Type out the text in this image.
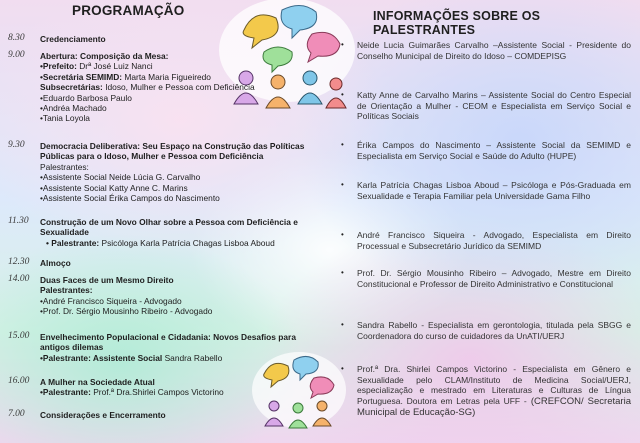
PROGRAMAÇÃO	INFORMAÇÕES SOBRE OS PALESTRANTES
8.30	Credenciamento
9.00	Abertura: Composição da Mesa:
•Prefeito: Drª José Luiz Nanci
•Secretária SEMIMD: Marta Maria Figueiredo
Subsecretárias: Idoso, Mulher e Pessoa com Deficiência
•Eduardo Barbosa Paulo
•Andréa Machado
•Tania Loyola
9.30	Democracia Deliberativa: Seu Espaço na Construção das Políticas
Públicas para o Idoso, Mulher e Pessoa com Deficiência
Palestrantes:
•Assistente Social Neide Lúcia G. Carvalho
•Assistente Social Katty Anne C. Marins
•Assistente Social Érika Campos do Nascimento
11.30	Construção de um Novo Olhar sobre a Pessoa com Deficiência e
Sexualidade
• Palestrante: Psicóloga Karla Patrícia Chagas Lisboa Aboud
12.30	Almoço
14.00	Duas Faces de um Mesmo Direito
Palestrantes:
•André Francisco Siqueira - Advogado
•Prof. Dr. Sérgio Mousinho Ribeiro - Advogado
15.00	Envelhecimento Populacional e Cidadania: Novos Desafios para
antigos dilemas
•Palestrante: Assistente Social Sandra Rabello
16.00	A Mulher na Sociedade Atual
•Palestrante: Prof.ª Dra.Shirlei Campos Victorino
7.00	Considerações e Encerramento
• Neide Lucia Guimarães Carvalho –Assistente Social - Presidente do Conselho Municipal de Direito do Idoso – COMDEPISG
• Katty Anne de Carvalho Marins – Assistente Social do Centro Especial de Orientação a Mulher - CEOM e Especialista em Serviço Social e Políticas Sociais
• Érika Campos do Nascimento – Assistente Social da SEMIMD e Especialista em Serviço Social e Saúde do Adulto (HUPE)
• Karla Patrícia Chagas Lisboa Aboud – Psicóloga e Pós-Graduada em Sexualidade e Terapia Familiar pela Universidade Gama Filho
• André Francisco Siqueira - Advogado, Especialista em Direito Processual e Subsecretário Jurídico da SEMIMD
• Prof. Dr. Sérgio Mousinho Ribeiro – Advogado, Mestre em Direito Constitucional e Professor de Direito Administrativo e Constitucional
• Sandra Rabello - Especialista em gerontologia, titulada pela SBGG e Coordenadora do curso de cuidadores da UnATI/UERJ
• Prof.ª Dra. Shirlei Campos Victorino - Especialista em Gênero e Sexualidade pelo CLAM/Instituto de Medicina Social/UERJ, especialização e mestrado em Literaturas e Culturas de Língua Portuguesa. Doutora em Letras pela UFF - (CREFCON/ Secretaria Municipal de Educação-SG)
